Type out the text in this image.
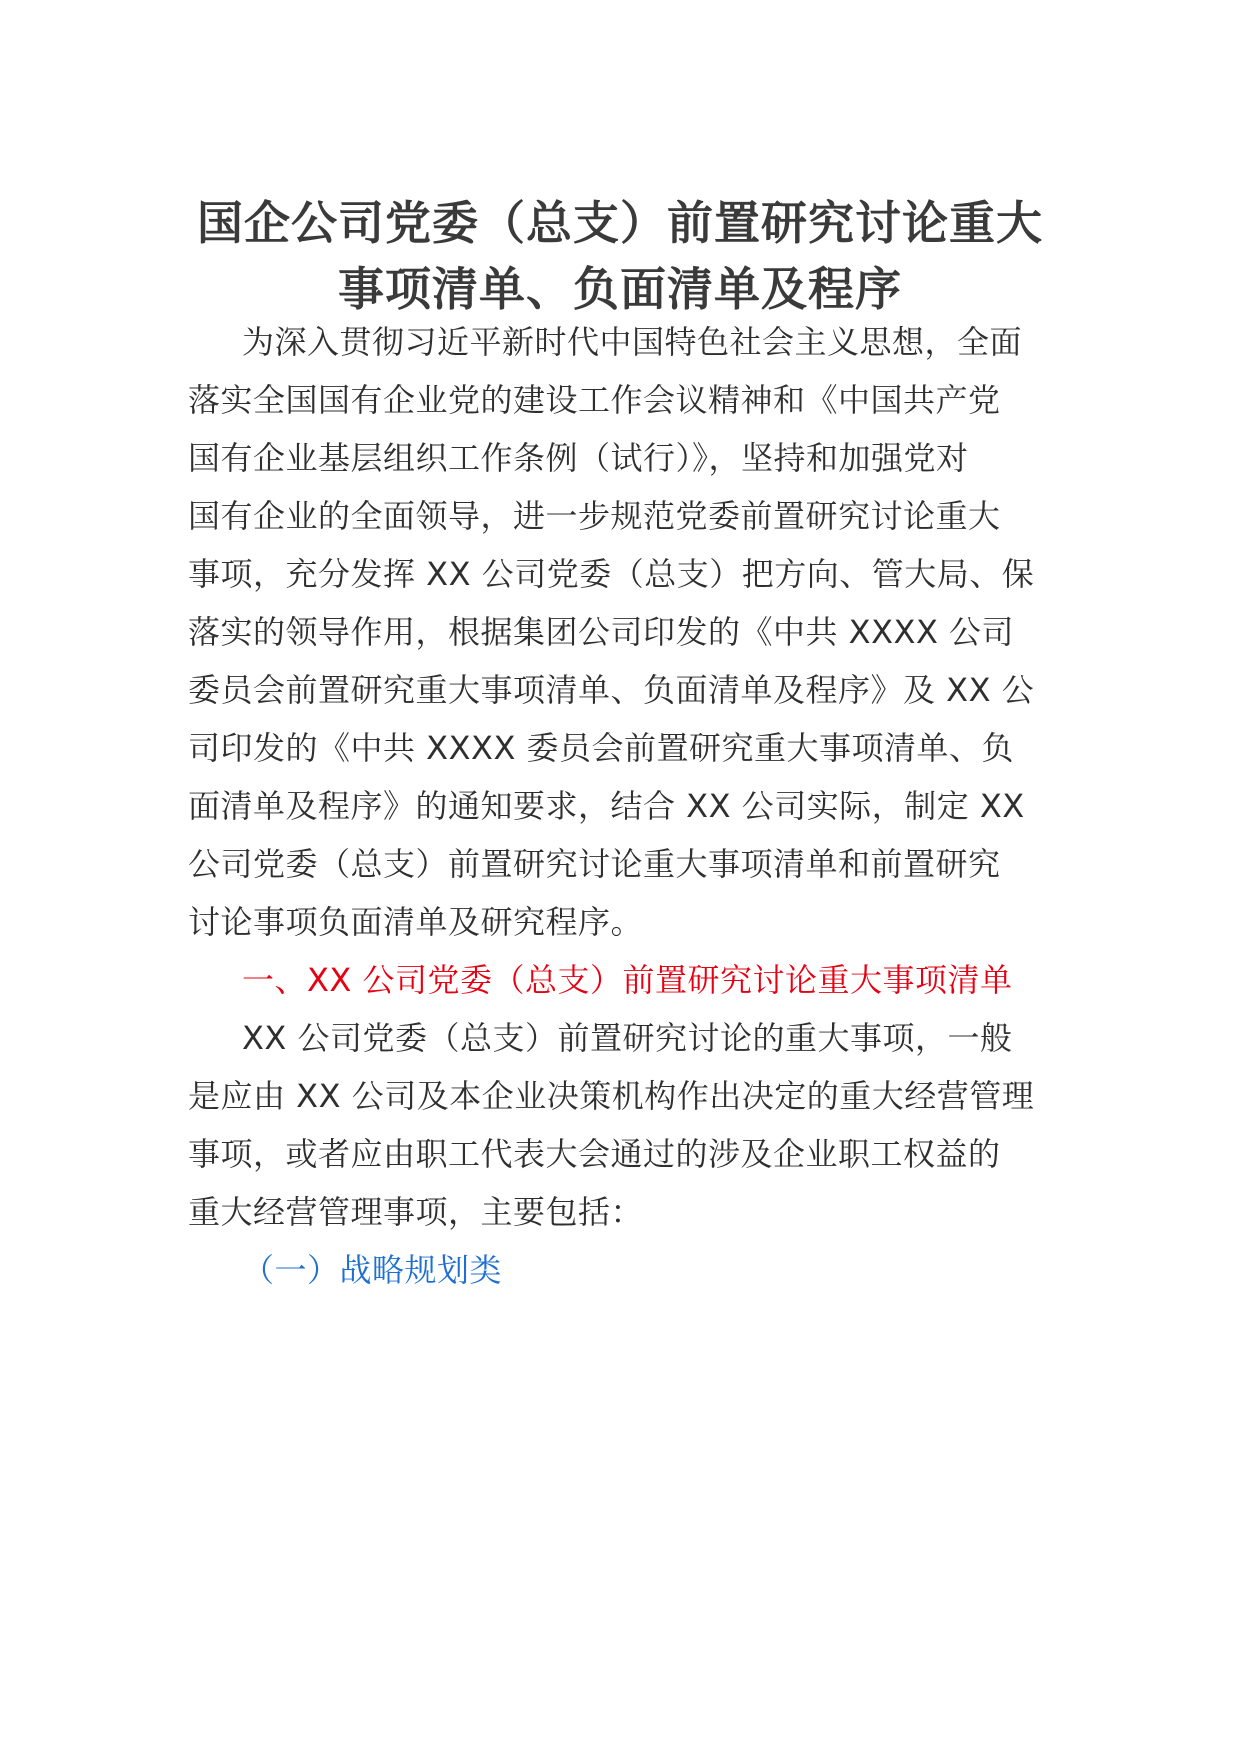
国企公司党委（总支）前置研究讨论重大
事项清单、负面清单及程序
为深入贯彻习近平新时代中国特色社会主义思想，全面
落实全国国有企业党的建设工作会议精神和《中国共产党
国有企业基层组织工作条例（试行）》，坚持和加强党对
国有企业的全面领导，进一步规范党委前置研究讨论重大
事项，充分发挥 XX 公司党委（总支）把方向、管大局、保
落实的领导作用，根据集团公司印发的《中共 XXXX 公司
委员会前置研究重大事项清单、负面清单及程序》及 XX 公
司印发的《中共 XXXX 委员会前置研究重大事项清单、负
面清单及程序》的通知要求，结合 XX 公司实际，制定 XX
公司党委（总支）前置研究讨论重大事项清单和前置研究
讨论事项负面清单及研究程序。
一、XX 公司党委（总支）前置研究讨论重大事项清单
XX 公司党委（总支）前置研究讨论的重大事项，一般
是应由 XX 公司及本企业决策机构作出决定的重大经营管理
事项，或者应由职工代表大会通过的涉及企业职工权益的
重大经营管理事项，主要包括：
（一）战略规划类
